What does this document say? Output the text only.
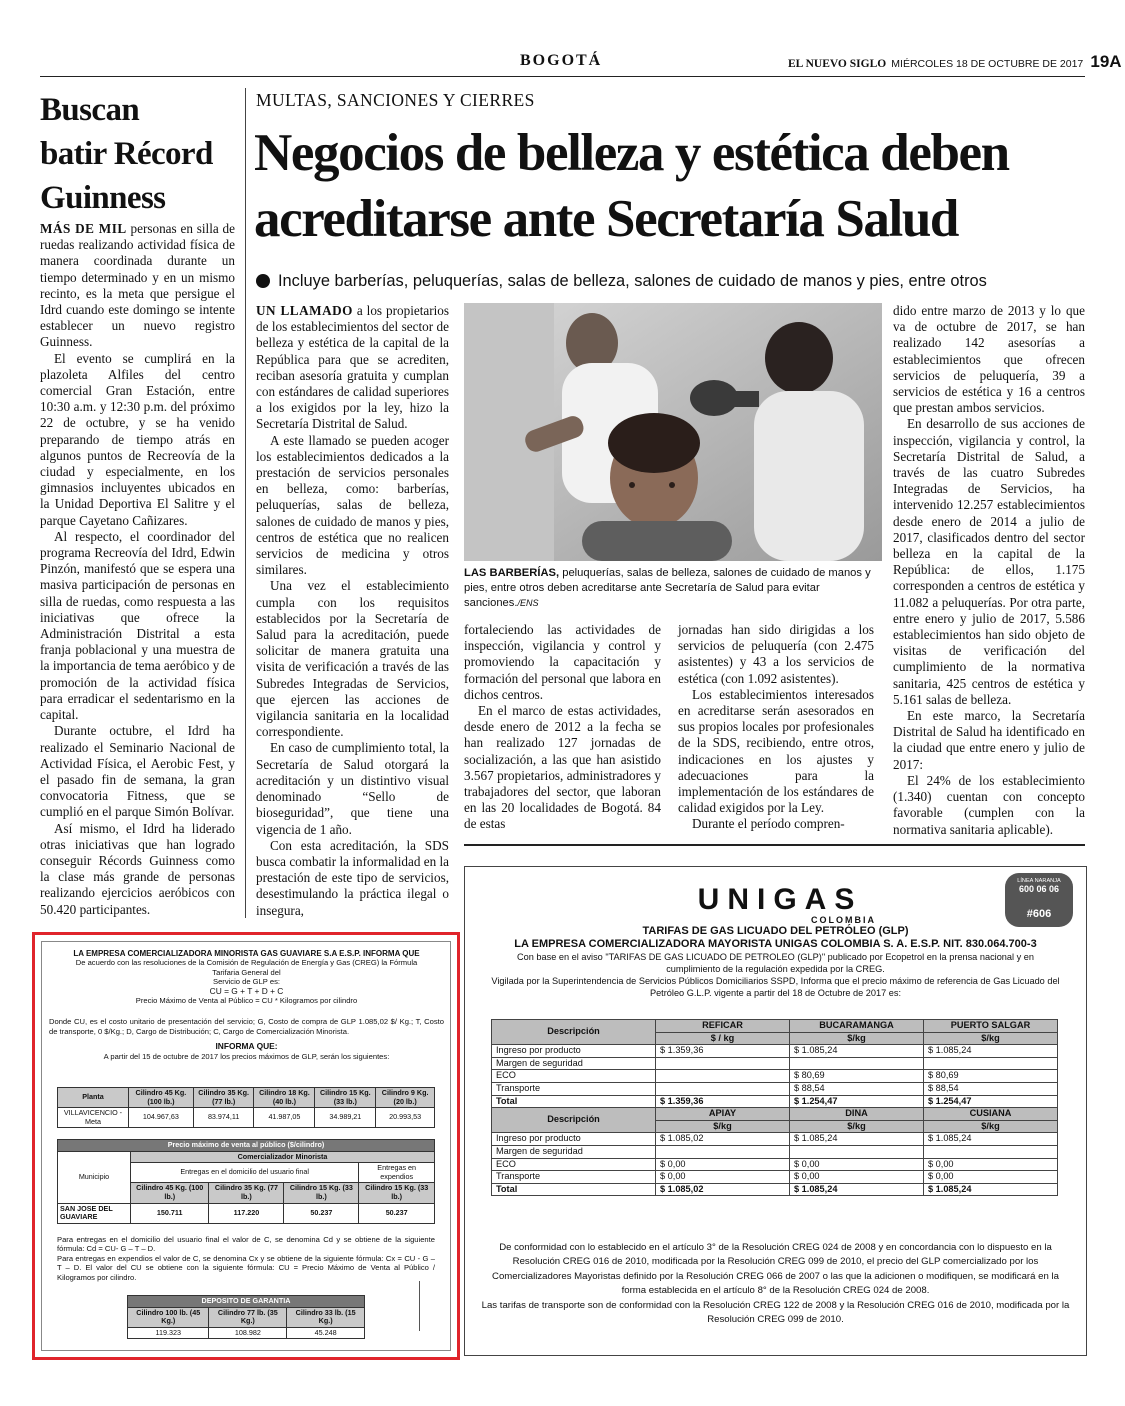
BOGOTÁ	EL NUEVO SIGLO MIÉRCOLES 18 DE OCTUBRE DE 2017 19A
Buscan
batir Récord
Guinness

MÁS DE MIL personas en silla de ruedas realizando actividad física de manera coordinada durante un tiempo determinado y en un mismo recinto, es la meta que persigue el Idrd cuando este domingo se intente establecer un nuevo registro Guinness.

El evento se cumplirá en la plazoleta Alfiles del centro comercial Gran Estación, entre 10:30 a.m. y 12:30 p.m. del próximo 22 de octubre, y se ha venido preparando de tiempo atrás en algunos puntos de Recreovía de la ciudad y especialmente, en los gimnasios incluyentes ubicados en la Unidad Deportiva El Salitre y el parque Cayetano Cañizares.

Al respecto, el coordinador del programa Recreovía del Idrd, Edwin Pinzón, manifestó que se espera una masiva participación de personas en silla de ruedas, como respuesta a las iniciativas que ofrece la Administración Distrital a esta franja poblacional y una muestra de la importancia de tema aeróbico y de promoción de la actividad física para erradicar el sedentarismo en la capital.

Durante octubre, el Idrd ha realizado el Seminario Nacional de Actividad Física, el Aerobic Fest, y el pasado fin de semana, la gran convocatoria Fitness, que se cumplió en el parque Simón Bolívar.

Así mismo, el Idrd ha liderado otras iniciativas que han logrado conseguir Récords Guinness como la clase más grande de personas realizando ejercicios aeróbicos con 50.420 participantes.

MULTAS, SANCIONES Y CIERRES
Negocios de belleza y estética deben
acreditarse ante Secretaría Salud
Incluye barberías, peluquerías, salas de belleza, salones de cuidado de manos y pies, entre otros

UN LLAMADO a los propietarios de los establecimientos del sector de belleza y estética de la capital de la República para que se acrediten, reciban asesoría gratuita y cumplan con estándares de calidad superiores a los exigidos por la ley, hizo la Secretaría Distrital de Salud.

A este llamado se pueden acoger los establecimientos dedicados a la prestación de servicios personales en belleza, como: barberías, peluquerías, salas de belleza, salones de cuidado de manos y pies, centros de estética que no realicen servicios de medicina y otros similares.

Una vez el establecimiento cumpla con los requisitos establecidos por la Secretaría de Salud para la acreditación, puede solicitar de manera gratuita una visita de verificación a través de las Subredes Integradas de Servicios, que ejercen las acciones de vigilancia sanitaria en la localidad correspondiente.

En caso de cumplimiento total, la Secretaría de Salud otorgará la acreditación y un distintivo visual denominado “Sello de bioseguridad”, que tiene una vigencia de 1 año.

Con esta acreditación, la SDS busca combatir la informalidad en la prestación de este tipo de servicios, desestimulando la práctica ilegal o insegura,

LAS BARBERÍAS, peluquerías, salas de belleza, salones de cuidado de manos y pies, entre otros deben acreditarse ante Secretaría de Salud para evitar sanciones./ENS

fortaleciendo las actividades de inspección, vigilancia y control y promoviendo la capacitación y formación del personal que labora en dichos centros.

En el marco de estas actividades, desde enero de 2012 a la fecha se han realizado 127 jornadas de socialización, a las que han asistido 3.567 propietarios, administradores y trabajadores del sector, que laboran en las 20 localidades de Bogotá. 84 de estas

jornadas han sido dirigidas a los servicios de peluquería (con 2.475 asistentes) y 43 a los servicios de estética (con 1.092 asistentes).

Los establecimientos interesados en acreditarse serán asesorados en sus propios locales por profesionales de la SDS, recibiendo, entre otros, indicaciones en los ajustes y adecuaciones para la implementación de los estándares de calidad exigidos por la Ley.

Durante el período compren-

dido entre marzo de 2013 y lo que va de octubre de 2017, se han realizado 142 asesorías a establecimientos que ofrecen servicios de peluquería, 39 a servicios de estética y 16 a centros que prestan ambos servicios.

En desarrollo de sus acciones de inspección, vigilancia y control, la Secretaría Distrital de Salud, a través de las cuatro Subredes Integradas de Servicios, ha intervenido 12.257 establecimientos desde enero de 2014 a julio de 2017, clasificados dentro del sector belleza en la capital de la República: de ellos, 1.175 corresponden a centros de estética y 11.082 a peluquerías. Por otra parte, entre enero y julio de 2017, 5.586 establecimientos han sido objeto de visitas de verificación del cumplimiento de la normativa sanitaria, 425 centros de estética y 5.161 salas de belleza.

En este marco, la Secretaría Distrital de Salud ha identificado en la ciudad que entre enero y julio de 2017:

El 24% de los establecimiento (1.340) cuentan con concepto favorable (cumplen con la normativa sanitaria aplicable).

LA EMPRESA COMERCIALIZADORA MINORISTA GAS GUAVIARE S.A E.S.P. INFORMA QUE
De acuerdo con las resoluciones de la Comisión de Regulación de Energía y Gas (CREG) la Fórmula
Tarifaria General del
Servicio de GLP es:
CU = G + T + D + C
Precio Máximo de Venta al Público = CU * Kilogramos por cilindro
Donde CU, es el costo unitario de presentación del servicio; G, Costo de compra de GLP 1.085,02 $/ Kg.; T, Costo de transporte, 0 $/Kg.; D, Cargo de Distribución; C, Cargo de Comercialización Minorista.
INFORMA QUE:
A partir del 15 de octubre de 2017 los precios máximos de GLP, serán los siguientes:
Planta	Cilindro 45 Kg. (100 lb.)	Cilindro 35 Kg. (77 lb.)	Cilindro 18 Kg. (40 lb.)	Cilindro 15 Kg. (33 lb.)	Cilindro 9 Kg. (20 lb.)
VILLAVICENCIO - Meta	104.967,63	83.974,11	41.987,05	34.989,21	20.993,53
Precio máximo de venta al público ($/cilindro)				
Municipio	Comercializador Minorista			
	Entregas en el domicilio del usuario final			Entregas en expendios
	Cilindro 45 Kg. (100 lb.)	Cilindro 35 Kg. (77 lb.)	Cilindro 15 Kg. (33 lb.)	Cilindro 15 Kg. (33 lb.)
SAN JOSE DEL GUAVIARE	150.711	117.220	50.237	50.237
Para entregas en el domicilio del usuario final el valor de C, se denomina Cd y se obtiene de la siguiente fórmula: Cd = CU- G – T – D.
Para entregas en expendios el valor de C, se denomina Cx y se obtiene de la siguiente fórmula: Cx = CU - G – T – D. El valor del CU se obtiene con la siguiente fórmula: CU = Precio Máximo de Venta al Público / Kilogramos por cilindro.
DEPOSITO DE GARANTIA		
Cilindro 100 lb. (45 Kg.)	Cilindro 77 lb. (35 Kg.)	Cilindro 33 lb. (15 Kg.)
119.323	108.982	45.248
UNIGAS
COLOMBIA
LÍNEA NARANJA
600 06 06
#606
TARIFAS DE GAS LICUADO DEL PETRÓLEO (GLP)
LA EMPRESA COMERCIALIZADORA MAYORISTA UNIGAS COLOMBIA S. A. E.S.P. NIT. 830.064.700-3
Con base en el aviso "TARIFAS DE GAS LICUADO DE PETROLEO (GLP)" publicado por Ecopetrol en la prensa nacional y en
cumplimiento de la regulación expedida por la CREG.
Vigilada por la Superintendencia de Servicios Públicos Domiciliarios SSPD, Informa que el precio máximo de referencia de Gas Licuado del
Petróleo G.L.P. vigente a partir del 18 de Octubre de 2017 es:
Descripción	REFICAR	BUCARAMANGA	PUERTO SALGAR
	$ / kg	$/kg	$/kg
Ingreso por producto	$ 1.359,36	$ 1.085,24	$ 1.085,24
Margen de seguridad			
ECO		$ 80,69	$ 80,69
Transporte		$ 88,54	$ 88,54
Total	$ 1.359,36	$ 1.254,47	$ 1.254,47
Descripción	APIAY	DINA	CUSIANA
	$/kg	$/kg	$/kg
Ingreso por producto	$ 1.085,02	$ 1.085,24	$ 1.085,24
Margen de seguridad			
ECO	$ 0,00	$ 0,00	$ 0,00
Transporte	$ 0,00	$ 0,00	$ 0,00
Total	$ 1.085,02	$ 1.085,24	$ 1.085,24
De conformidad con lo establecido en el artículo 3° de la Resolución CREG 024 de 2008 y en concordancia con lo dispuesto en la Resolución CREG 016 de 2010, modificada por la Resolución CREG 099 de 2010, el precio del GLP comercializado por los Comercializadores Mayoristas definido por la Resolución CREG 066 de 2007 o las que la adicionen o modifiquen, se modificará en la forma establecida en el artículo 8° de la Resolución CREG 024 de 2008.
Las tarifas de transporte son de conformidad con la Resolución CREG 122 de 2008 y la Resolución CREG 016 de 2010, modificada por la Resolución CREG 099 de 2010.
